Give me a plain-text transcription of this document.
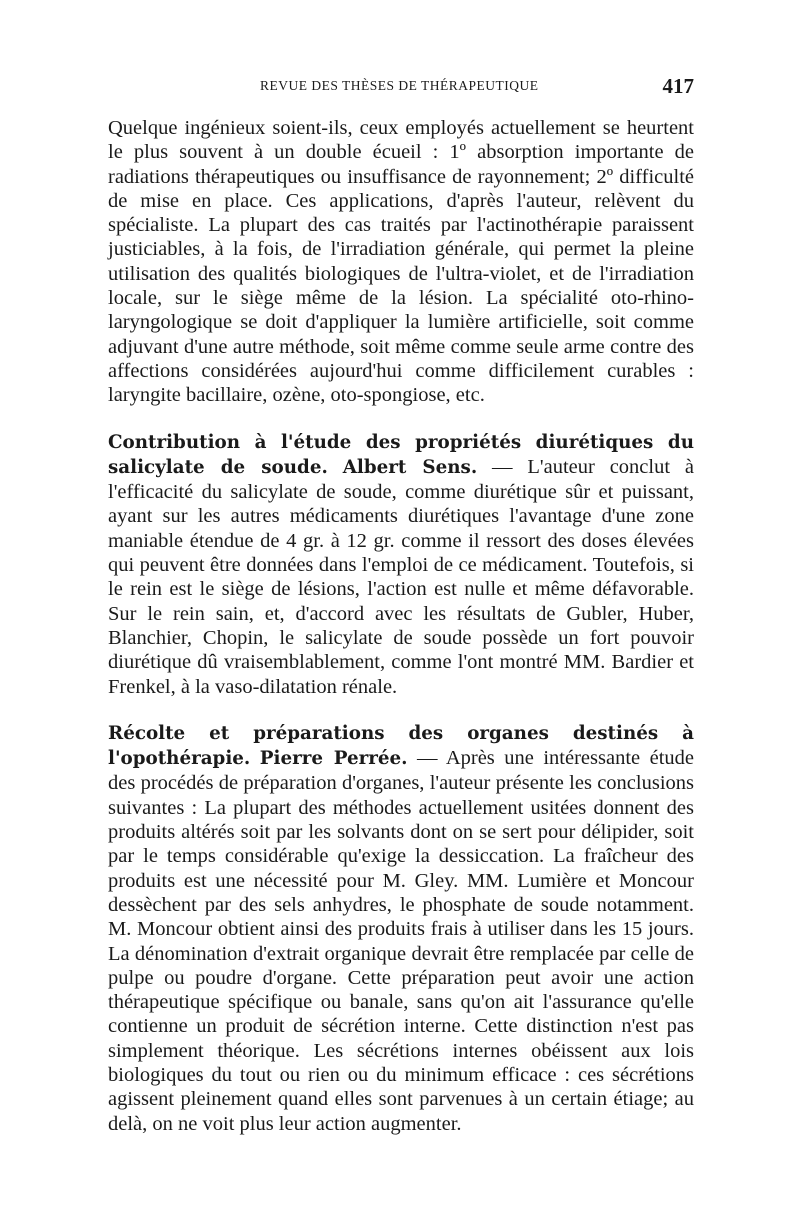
REVUE DES THÈSES DE THÉRAPEUTIQUE	417

Quelque ingénieux soient-ils, ceux employés actuellement se heurtent le plus souvent à un double écueil : 1º absorption importante de radiations thérapeutiques ou insuffisance de rayonnement; 2º difficulté de mise en place. Ces applications, d'après l'auteur, relèvent du spécialiste. La plupart des cas traités par l'actinothérapie paraissent justiciables, à la fois, de l'irradiation générale, qui permet la pleine utilisation des qualités biologiques de l'ultra-violet, et de l'irradiation locale, sur le siège même de la lésion. La spécialité oto-rhino-laryngologique se doit d'appliquer la lumière artificielle, soit comme adjuvant d'une autre méthode, soit même comme seule arme contre des affections considérées aujourd'hui comme difficilement curables : laryngite bacillaire, ozène, oto-spongiose, etc.

Contribution à l'étude des propriétés diurétiques du salicylate de soude. Albert Sens. — L'auteur conclut à l'efficacité du salicylate de soude, comme diurétique sûr et puissant, ayant sur les autres médicaments diurétiques l'avantage d'une zone maniable étendue de 4 gr. à 12 gr. comme il ressort des doses élevées qui peuvent être données dans l'emploi de ce médicament. Toutefois, si le rein est le siège de lésions, l'action est nulle et même défavorable. Sur le rein sain, et, d'accord avec les résultats de Gubler, Huber, Blanchier, Chopin, le salicylate de soude possède un fort pouvoir diurétique dû vraisemblablement, comme l'ont montré MM. Bardier et Frenkel, à la vaso-dilatation rénale.

Récolte et préparations des organes destinés à l'opothérapie. Pierre Perrée. — Après une intéressante étude des procédés de préparation d'organes, l'auteur présente les conclusions suivantes : La plupart des méthodes actuellement usitées donnent des produits altérés soit par les solvants dont on se sert pour délipider, soit par le temps considérable qu'exige la dessiccation. La fraîcheur des produits est une nécessité pour M. Gley. MM. Lumière et Moncour dessèchent par des sels anhydres, le phosphate de soude notamment. M. Moncour obtient ainsi des produits frais à utiliser dans les 15 jours. La dénomination d'extrait organique devrait être remplacée par celle de pulpe ou poudre d'organe. Cette préparation peut avoir une action thérapeutique spécifique ou banale, sans qu'on ait l'assurance qu'elle contienne un produit de sécrétion interne. Cette distinction n'est pas simplement théorique. Les sécrétions internes obéissent aux lois biologiques du tout ou rien ou du minimum efficace : ces sécrétions agissent pleinement quand elles sont parvenues à un certain étiage; au delà, on ne voit plus leur action augmenter.
